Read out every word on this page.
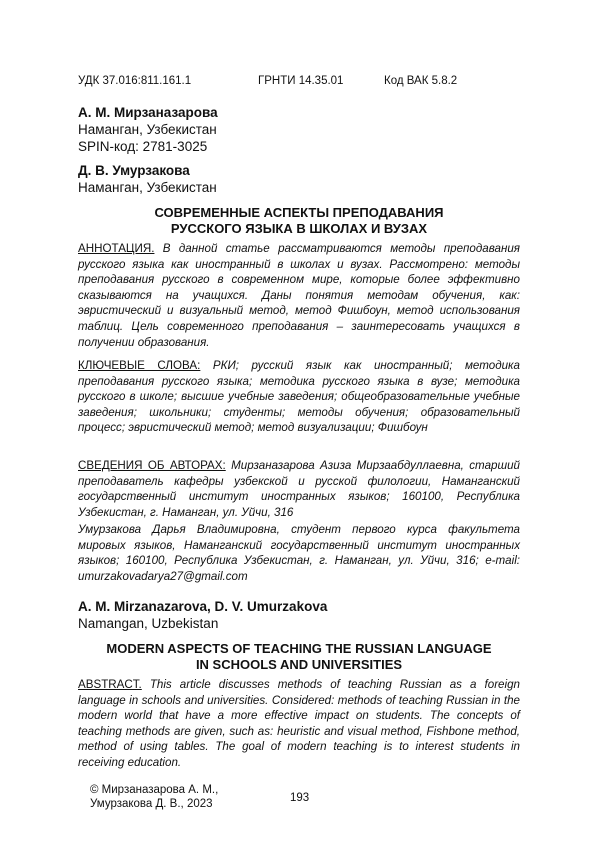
УДК 37.016:811.161.1	ГРНТИ 14.35.01	Код ВАК 5.8.2
А. М. Мирзаназарова
Наманган, Узбекистан
SPIN-код: 2781-3025
Д. В. Умурзакова
Наманган, Узбекистан
СОВРЕМЕННЫЕ АСПЕКТЫ ПРЕПОДАВАНИЯ
РУССКОГО ЯЗЫКА В ШКОЛАХ И ВУЗАХ
АННОТАЦИЯ. В данной статье рассматриваются методы преподавания русского языка как иностранный в школах и вузах. Рассмотрено: методы преподавания русского в современном мире, которые более эффективно сказываются на учащихся. Даны понятия методам обучения, как: эвристический и визуальный метод, метод Фишбоун, метод использования таблиц. Цель современного преподавания – заинтересовать учащихся в получении образования.
КЛЮЧЕВЫЕ СЛОВА: РКИ; русский язык как иностранный; методика преподавания русского языка; методика русского языка в вузе; методика русского в школе; высшие учебные заведения; общеобразовательные учебные заведения; школьники; студенты; методы обучения; образовательный процесс; эвристический метод; метод визуализации; Фишбоун
СВЕДЕНИЯ ОБ АВТОРАХ: Мирзаназарова Азиза Мирзаабдуллаевна, старший преподаватель кафедры узбекской и русской филологии, Наманганский государственный институт иностранных языков; 160100, Республика Узбекистан, г. Наманган, ул. Уйчи, 316
Умурзакова Дарья Владимировна, студент первого курса факультета мировых языков, Наманганский государственный институт иностранных языков; 160100, Республика Узбекистан, г. Наманган, ул. Уйчи, 316; e-mail: umurzakovadarya27@gmail.com
A. M. Mirzanazarova, D. V. Umurzakova
Namangan, Uzbekistan
MODERN ASPECTS OF TEACHING THE RUSSIAN LANGUAGE
IN SCHOOLS AND UNIVERSITIES
ABSTRACT. This article discusses methods of teaching Russian as a foreign language in schools and universities. Considered: methods of teaching Russian in the modern world that have a more effective impact on students. The concepts of teaching methods are given, such as: heuristic and visual method, Fishbone method, method of using tables. The goal of modern teaching is to interest students in receiving education.
© Мирзаназарова А. М.,
Умурзакова Д. В., 2023	193
